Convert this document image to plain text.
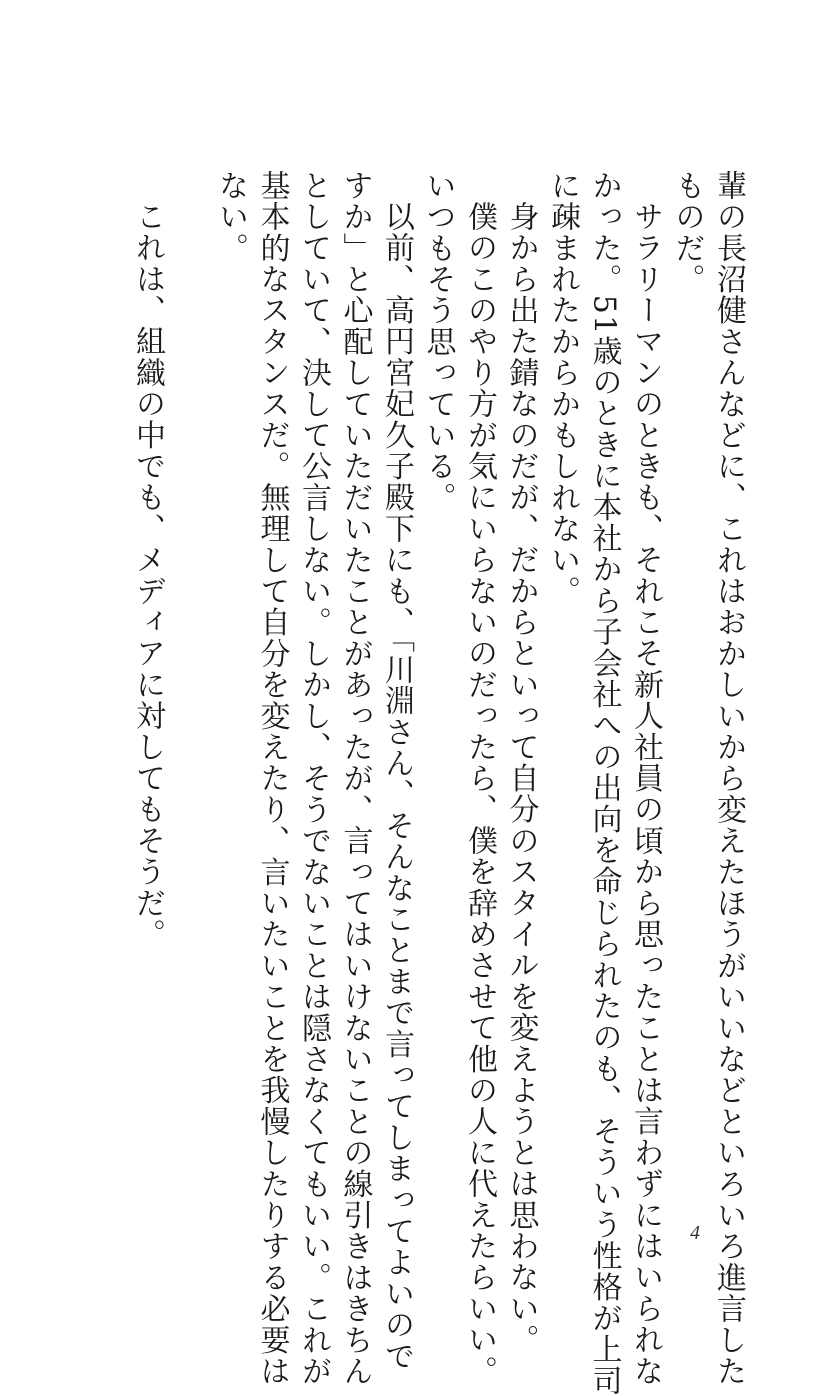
輩の長沼健さんなどに、これはおかしいから変えたほうがいいなどといろいろ進言した
ものだ。
サラリーマンのときも、それこそ新人社員の頃から思ったことは言わずにはいられな
かった。51歳のときに本社から子会社への出向を命じられたのも、そういう性格が上司
に疎まれたからかもしれない。
身から出た錆なのだが、だからといって自分のスタイルを変えようとは思わない。
僕のこのやり方が気にいらないのだったら、僕を辞めさせて他の人に代えたらいい。
いつもそう思っている。
以前、高円宮妃久子殿下にも、「川淵さん、そんなことまで言ってしまってよいので
すか」と心配していただいたことがあったが、言ってはいけないことの線引きはきちん
としていて、決して公言しない。しかし、そうでないことは隠さなくてもいい。これが
基本的なスタンスだ。無理して自分を変えたり、言いたいことを我慢したりする必要は
ない。
これは、組織の中でも、メディアに対してもそうだ。
4
